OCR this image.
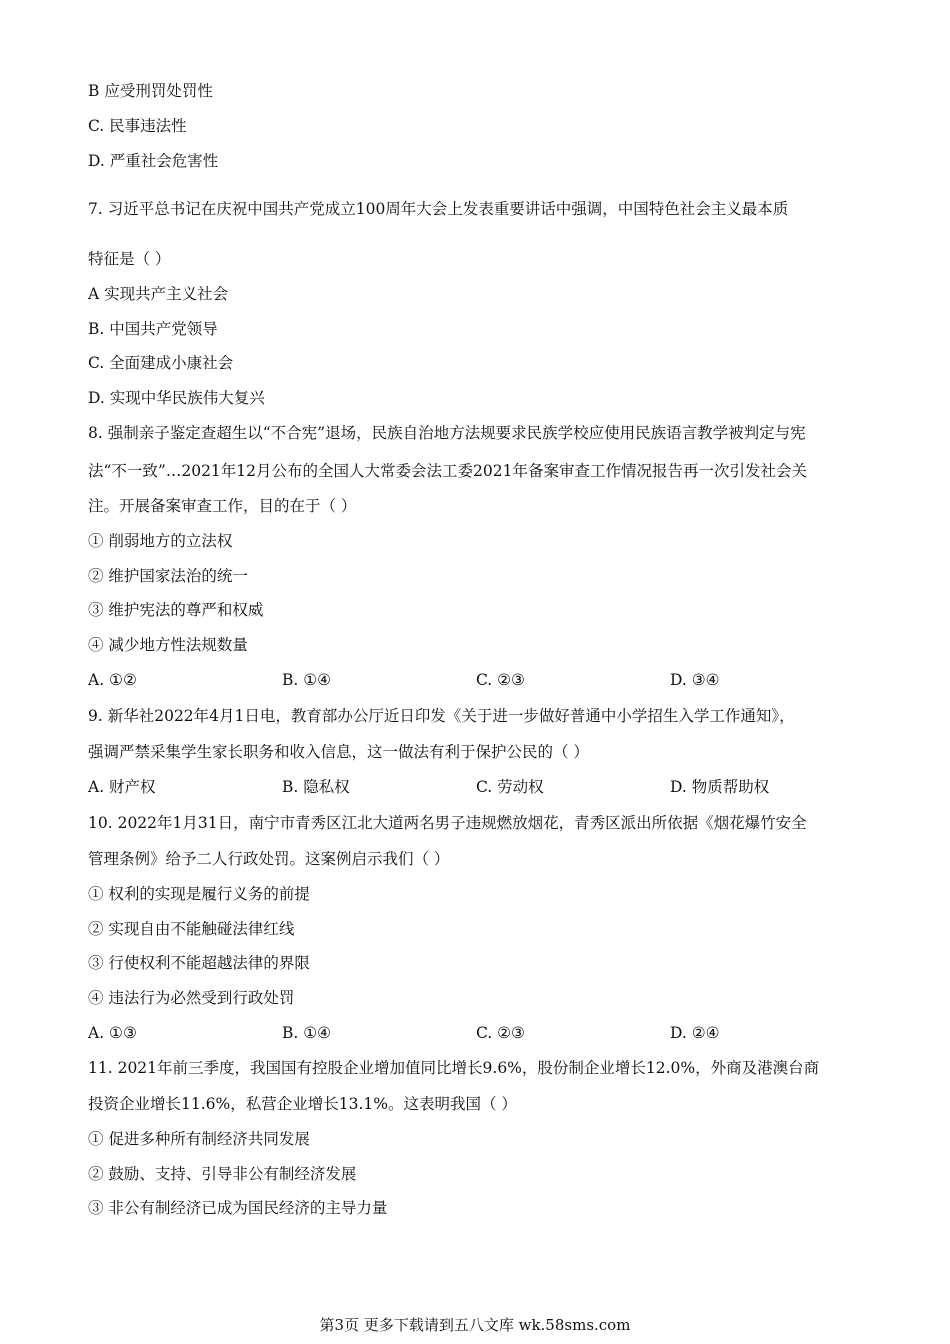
B 应受刑罚处罚性
C. 民事违法性
D. 严重社会危害性
7. 习近平总书记在庆祝中国共产党成立100周年大会上发表重要讲话中强调，中国特色社会主义最本质
特征是（ ）
A 实现共产主义社会
B. 中国共产党领导
C. 全面建成小康社会
D. 实现中华民族伟大复兴
8. 强制亲子鉴定查超生以“不合宪”退场，民族自治地方法规要求民族学校应使用民族语言教学被判定与宪
法“不一致”…2021年12月公布的全国人大常委会法工委2021年备案审查工作情况报告再一次引发社会关
注。开展备案审查工作，目的在于（ ）
① 削弱地方的立法权
② 维护国家法治的统一
③ 维护宪法的尊严和权威
④ 减少地方性法规数量
A. ①②	B. ①④	C. ②③	D. ③④
9. 新华社2022年4月1日电，教育部办公厅近日印发《关于进一步做好普通中小学招生入学工作通知》，
强调严禁采集学生家长职务和收入信息，这一做法有利于保护公民的（ ）
A. 财产权	B. 隐私权	C. 劳动权	D. 物质帮助权
10. 2022年1月31日，南宁市青秀区江北大道两名男子违规燃放烟花，青秀区派出所依据《烟花爆竹安全
管理条例》给予二人行政处罚。这案例启示我们（ ）
① 权利的实现是履行义务的前提
② 实现自由不能触碰法律红线
③ 行使权利不能超越法律的界限
④ 违法行为必然受到行政处罚
A. ①③	B. ①④	C. ②③	D. ②④
11. 2021年前三季度，我国国有控股企业增加值同比增长9.6%，股份制企业增长12.0%，外商及港澳台商
投资企业增长11.6%，私营企业增长13.1%。这表明我国（ ）
① 促进多种所有制经济共同发展
② 鼓励、支持、引导非公有制经济发展
③ 非公有制经济已成为国民经济的主导力量
第3页 更多下载请到五八文库 wk.58sms.com
